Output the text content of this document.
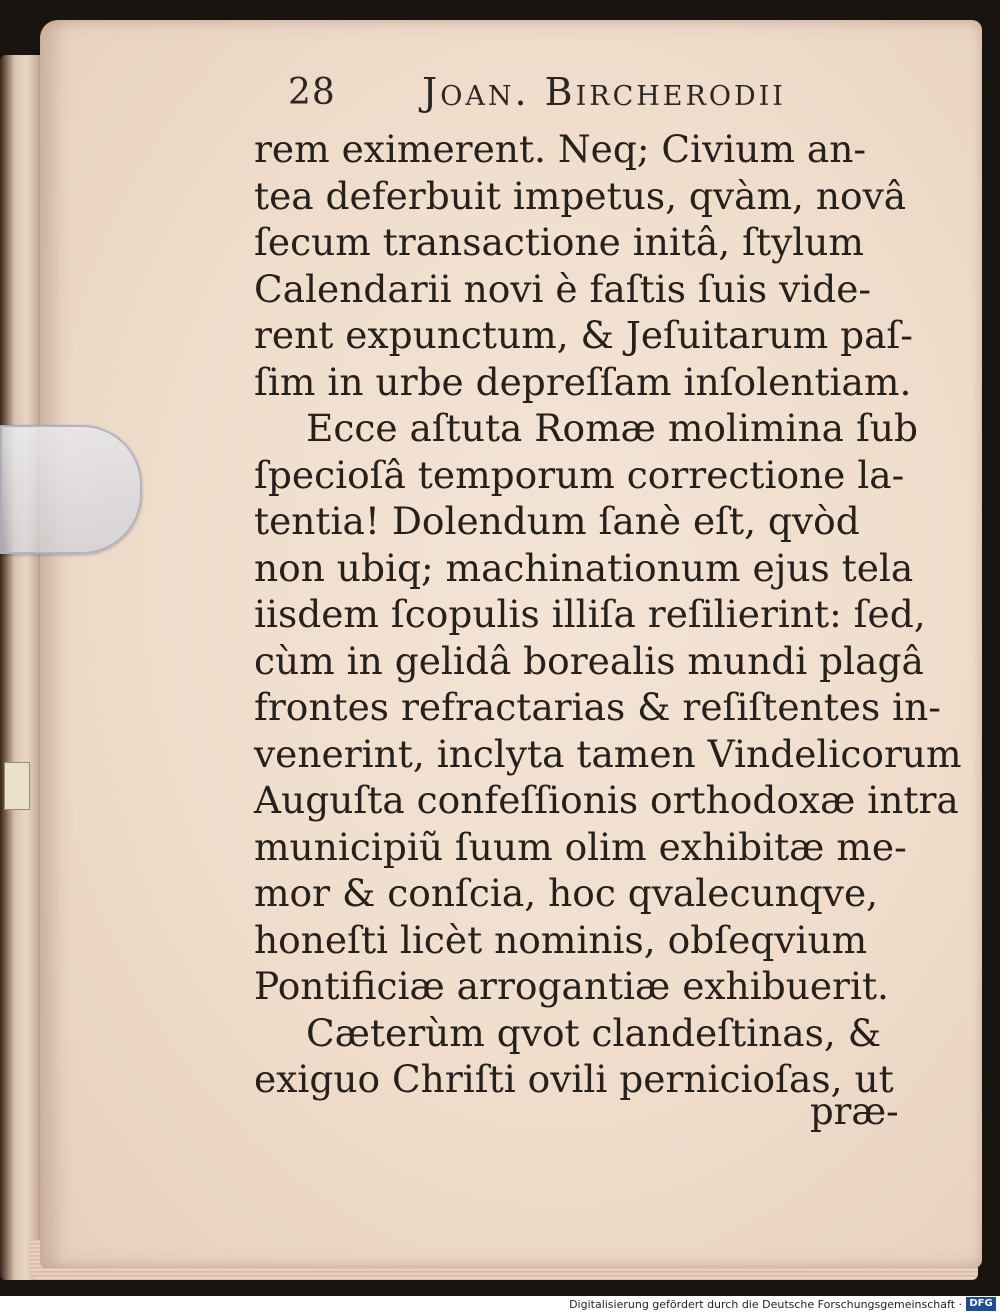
28 Joan. Bircherodii
rem eximerent. Neq; Civium an-
tea deferbuit impetus, qvàm, novâ
ſecum transactione initâ, ſtylum
Calendarii novi è faſtis ſuis vide-
rent expunctum, & Jeſuitarum paſ-
ſim in urbe depreſſam inſolentiam.
Ecce aſtuta Romæ molimina ſub
ſpecioſâ temporum correctione la-
tentia! Dolendum ſanè eſt, qvòd
non ubiq; machinationum ejus tela
iisdem ſcopulis illiſa reſilierint: ſed,
cùm in gelidâ borealis mundi plagâ
frontes refractarias & reſiſtentes in-
venerint, inclyta tamen Vindelicorum
Auguſta confeſſionis orthodoxæ intra
municipiũ ſuum olim exhibitæ me-
mor & conſcia, hoc qvalecunqve,
honeſti licèt nominis, obſeqvium
Pontificiæ arrogantiæ exhibuerit.
Cæterùm qvot clandeſtinas, &
exiguo Chriſti ovili pernicioſas, ut
præ-
Digitalisierung gefördert durch die Deutsche Forschungsgemeinschaft · DFG
